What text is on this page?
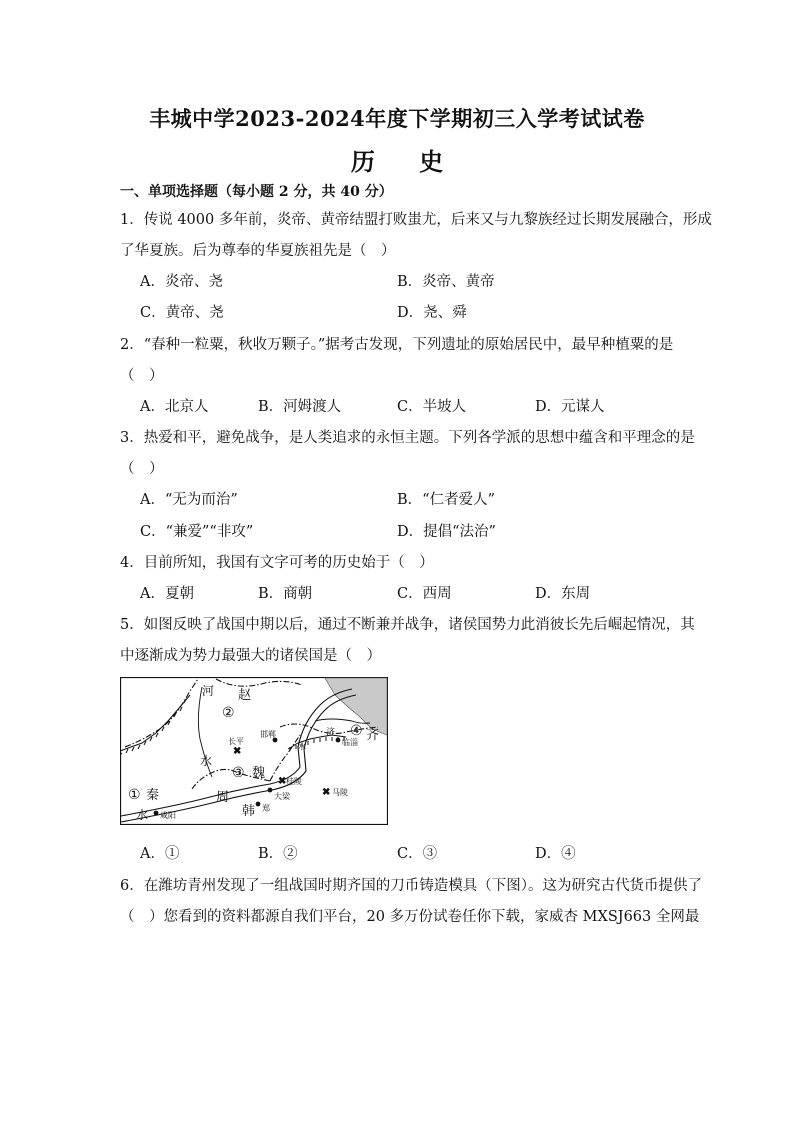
丰城中学2023-2024年度下学期初三入学考试试卷
历 史
一、单项选择题（每小题 2 分，共 40 分）
1．传说 4000 多年前，炎帝、黄帝结盟打败蚩尤，后来又与九黎族经过长期发展融合，形成
了华夏族。后为尊奉的华夏族祖先是（　）
A．炎帝、尧	B．炎帝、黄帝
C．黄帝、尧	D．尧、舜
2．“春种一粒粟，秋收万颗子。”据考古发现，下列遗址的原始居民中，最早种植粟的是
（　）
A．北京人	B．河姆渡人	C．半坡人	D．元谋人
3．热爱和平，避免战争，是人类追求的永恒主题。下列各学派的思想中蕴含和平理念的是
（　）
A．“无为而治”	B．“仁者爱人”
C．“兼爱”“非攻”	D．提倡“法治”
4．目前所知，我国有文字可考的历史始于（　）
A．夏朝	B．商朝	C．西周	D．东周
5．如图反映了战国中期以后，通过不断兼并战争，诸侯国势力此消彼长先后崛起情况，其
中逐渐成为势力最强大的诸侯国是（　）
河 赵
②
邯郸
长平
✖
济
临淄
④ 齐
水
水
③ 魏
✖ 桂陵
大梁	✖ 马陵
① 秦
咸阳
水
周
韩 郑
A．①	B．②	C．③	D．④
6．在潍坊青州发现了一组战国时期齐国的刀币铸造模具（下图）。这为研究古代货币提供了
（　）您看到的资料都源自我们平台，20 多万份试卷任你下载，家威杏 MXSJ663 全网最
